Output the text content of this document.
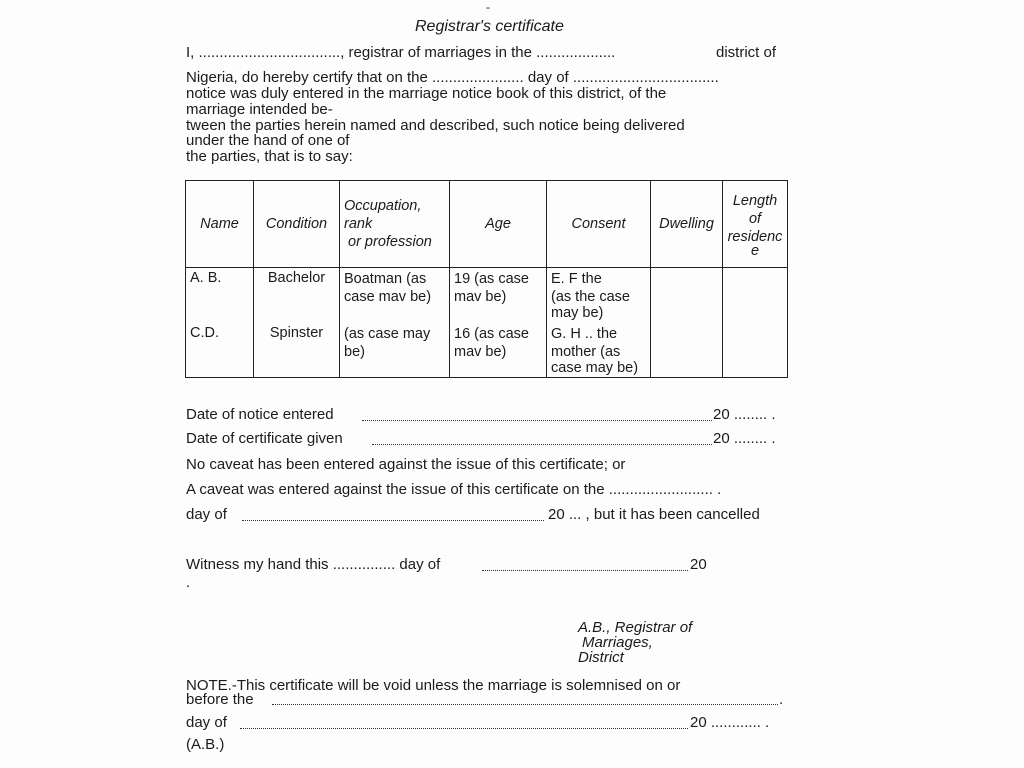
-
Registrar's certificate
I, .................................., registrar of marriages in the ...................	district of
Nigeria, do hereby certify that on the ...................... day of ...................................
notice was duly entered in the marriage notice book of this district, of the
marriage intended be-
tween the parties herein named and described, such notice being delivered
under the hand of one of
the parties, that is to say:
Name	Condition	Occupation,
rank
or profession	Age	Consent	Dwelling	Length
of
residenc
e

A. B.	Bachelor	Boatman (as
case mav be)	19 (as case
mav be)	E. F the
(as the case
may be)		

C.D.	Spinster	(as case may
be)	16 (as case
mav be)	G. H .. the
mother (as
case may be)		

Date of notice entered	20 ........ .
Date of certificate given	20 ........ .
No caveat has been entered against the issue of this certificate; or
A caveat was entered against the issue of this certificate on the ......................... .
day of	20 ... , but it has been cancelled
Witness my hand this ............... day of	20
.
A.B., Registrar of
Marriages,
District
NOTE.-This certificate will be void unless the marriage is solemnised on or
before the	.
day of	20 ............ .
(A.B.)
